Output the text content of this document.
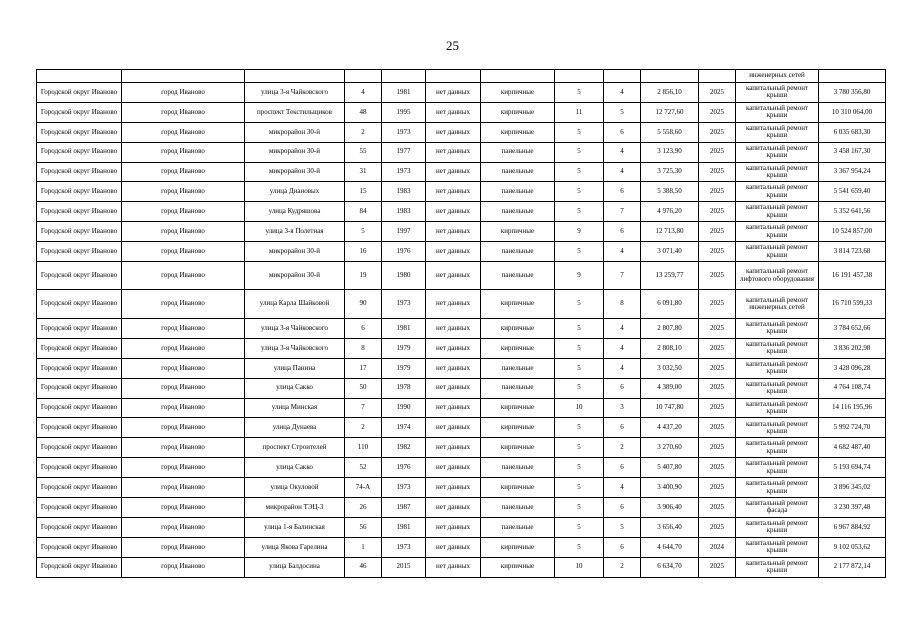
25
											инженерных сетей	
Городской округ Иваново	город Иваново	улица 3-я Чайковского	4	1981	нет данных	кирпичные	5	4	2 856,10	2025	капитальный ремонт крыши	3 780 356,80
Городской округ Иваново	город Иваново	проспект Текстильщиков	48	1995	нет данных	кирпичные	11	5	12 727,60	2025	капитальный ремонт крыши	10 310 064,00
Городской округ Иваново	город Иваново	микрорайон 30-й	2	1973	нет данных	кирпичные	5	6	5 558,60	2025	капитальный ремонт крыши	6 035 683,30
Городской округ Иваново	город Иваново	микрорайон 30-й	55	1977	нет данных	панельные	5	4	3 123,90	2025	капитальный ремонт крыши	3 458 167,30
Городской округ Иваново	город Иваново	микрорайон 30-й	31	1973	нет данных	панельные	5	4	3 725,30	2025	капитальный ремонт крыши	3 367 954,24
Городской округ Иваново	город Иваново	улица Диановых	15	1983	нет данных	панельные	5	6	5 388,50	2025	капитальный ремонт крыши	5 541 659,40
Городской округ Иваново	город Иваново	улица Кудряшова	84	1983	нет данных	панельные	5	7	4 976,20	2025	капитальный ремонт крыши	5 352 641,56
Городской округ Иваново	город Иваново	улица 3-я Полетная	5	1997	нет данных	кирпичные	9	6	12 713,80	2025	капитальный ремонт крыши	10 524 857,00
Городской округ Иваново	город Иваново	микрорайон 30-й	16	1976	нет данных	панельные	5	4	3 071,40	2025	капитальный ремонт крыши	3 814 723,68
Городской округ Иваново	город Иваново	микрорайон 30-й	19	1980	нет данных	панельные	9	7	13 259,77	2025	капитальный ремонт лифтового оборудования	16 191 457,38
Городской округ Иваново	город Иваново	улица Карла Шайковой	90	1973	нет данных	кирпичные	5	8	6 091,80	2025	капитальный ремонт инженерных сетей	16 710 599,33
Городской округ Иваново	город Иваново	улица 3-я Чайковского	6	1981	нет данных	кирпичные	5	4	2 807,80	2025	капитальный ремонт крыши	3 784 652,66
Городской округ Иваново	город Иваново	улица 3-я Чайковского	8	1979	нет данных	кирпичные	5	4	2 808,10	2025	капитальный ремонт крыши	3 836 202,98
Городской округ Иваново	город Иваново	улица Панина	17	1979	нет данных	панельные	5	4	3 032,50	2025	капитальный ремонт крыши	3 428 096,28
Городской округ Иваново	город Иваново	улица Сакко	50	1978	нет данных	панельные	5	6	4 389,00	2025	капитальный ремонт крыши	4 764 108,74
Городской округ Иваново	город Иваново	улица Минская	7	1990	нет данных	кирпичные	10	3	10 747,80	2025	капитальный ремонт крыши	14 116 195,96
Городской округ Иваново	город Иваново	улица Дунаева	2	1974	нет данных	кирпичные	5	6	4 437,20	2025	капитальный ремонт крыши	5 992 724,70
Городской округ Иваново	город Иваново	проспект Строителей	110	1982	нет данных	кирпичные	5	2	3 270,60	2025	капитальный ремонт крыши	4 682 487,40
Городской округ Иваново	город Иваново	улица Сакко	52	1976	нет данных	панельные	5	6	5 407,80	2025	капитальный ремонт крыши	5 193 694,74
Городской округ Иваново	город Иваново	улица Окуловой	74-А	1973	нет данных	кирпичные	5	4	3 400,90	2025	капитальный ремонт крыши	3 896 345,02
Городской округ Иваново	город Иваново	микрорайон ТЭЦ-3	26	1987	нет данных	панельные	5	6	3 906,40	2025	капитальный ремонт фасада	3 230 397,48
Городской округ Иваново	город Иваново	улица 1-я Балинская	56	1981	нет данных	панельные	5	5	3 656,40	2025	капитальный ремонт крыши	6 967 884,92
Городской округ Иваново	город Иваново	улица Якова Гарелина	1	1973	нет данных	кирпичные	5	6	4 644,70	2024	капитальный ремонт крыши	9 102 053,62
Городской округ Иваново	город Иваново	улица Балдосина	46	2015	нет данных	кирпичные	10	2	6 634,70	2025	капитальный ремонт крыши	2 177 872,14
